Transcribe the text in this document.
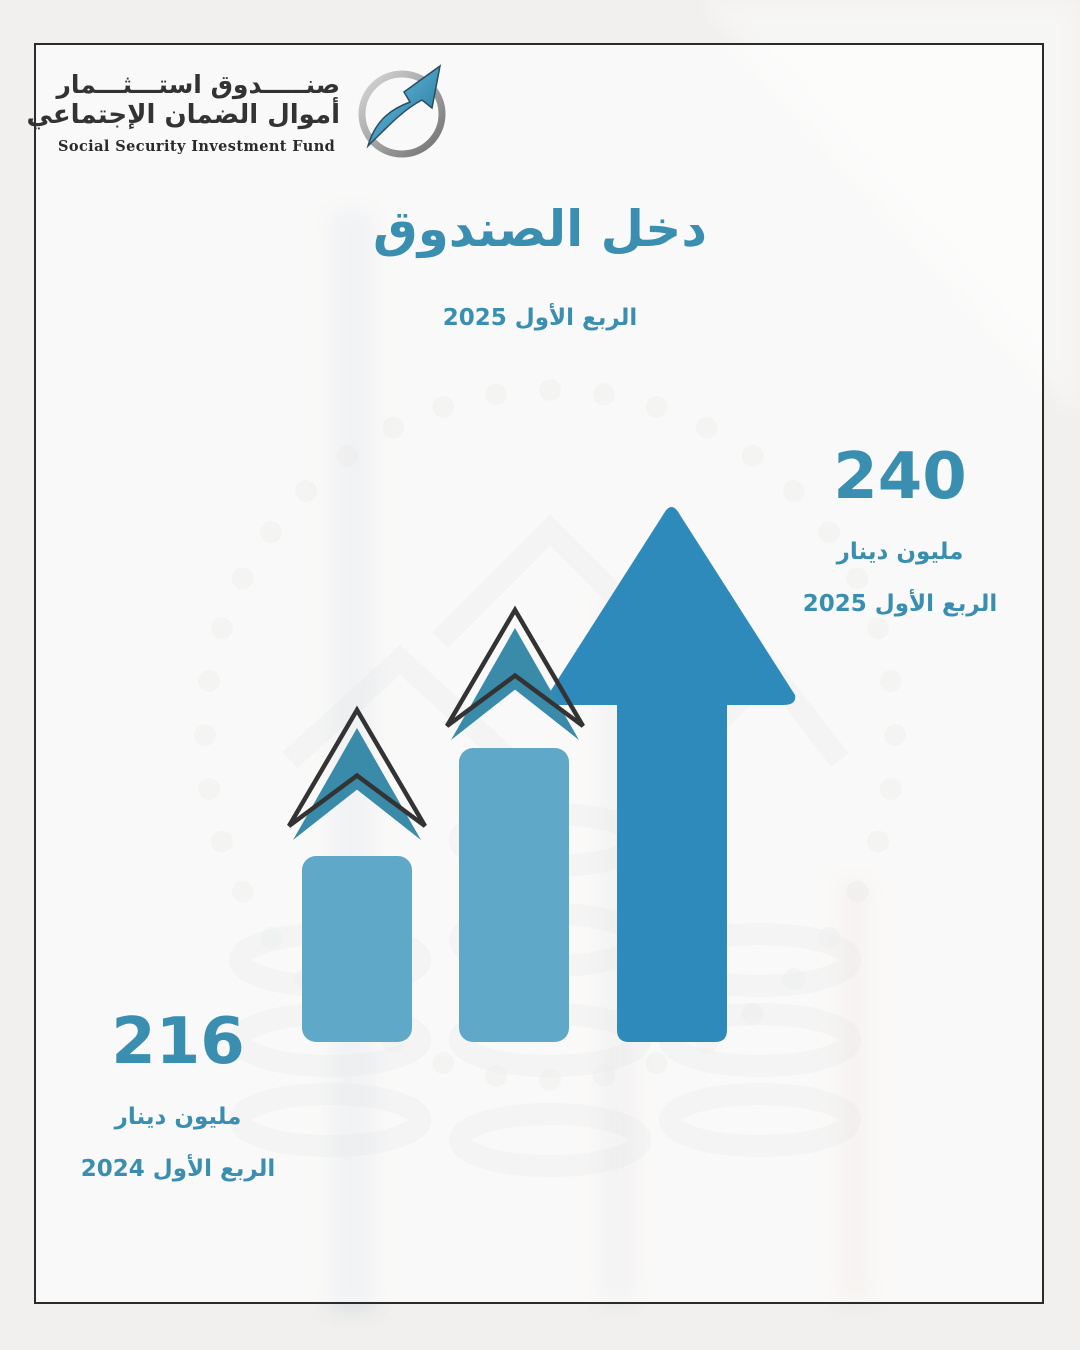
صنـــــدوق استـــثـــمار
أموال الضمان الإجتماعي
Social Security Investment Fund
دخل الصندوق
الربع الأول 2025
240
مليون دينار
الربع الأول 2025
216
مليون دينار
الربع الأول 2024
